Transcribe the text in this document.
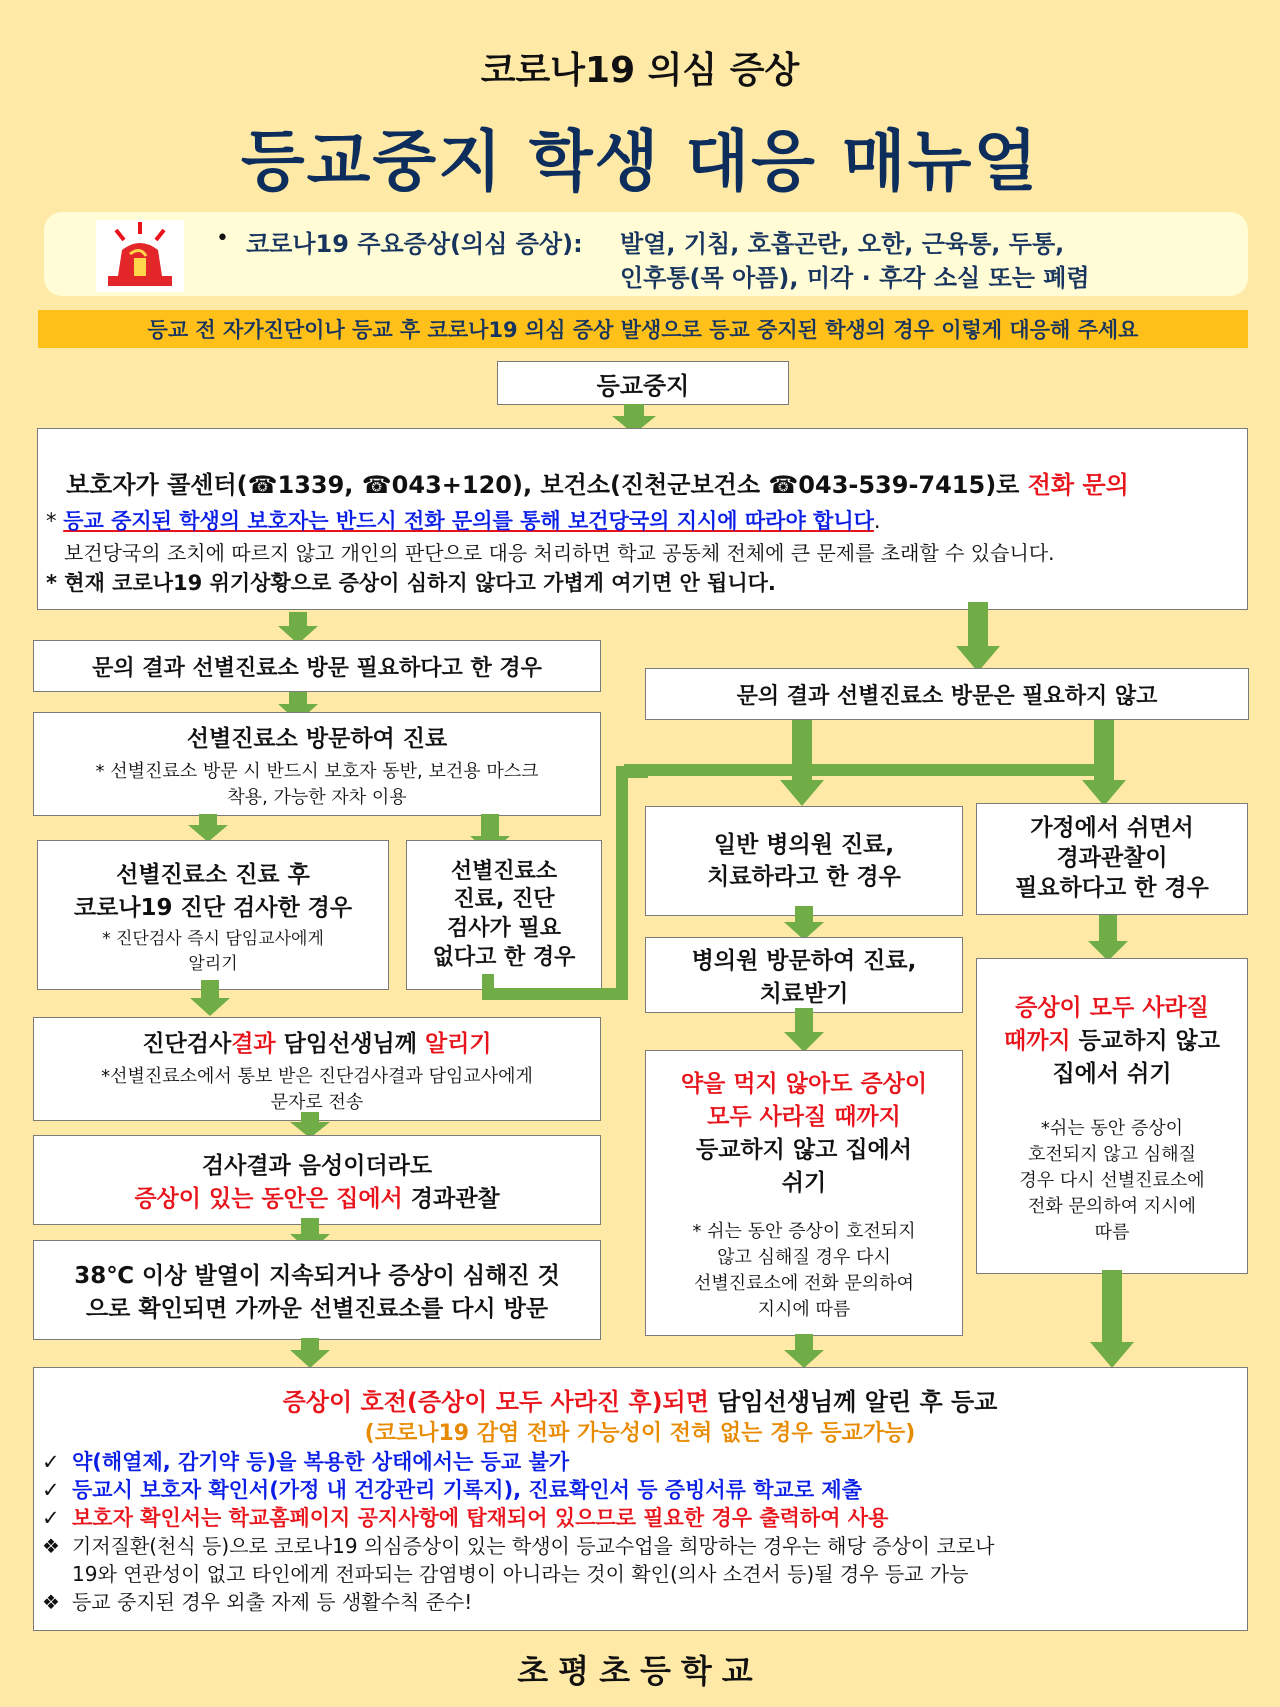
코로나19 의심 증상
등교중지 학생 대응 매뉴얼
• 코로나19 주요증상(의심 증상): 발열, 기침, 호흡곤란, 오한, 근육통, 두통,
인후통(목 아픔), 미각 · 후각 소실 또는 폐렴
등교 전 자가진단이나 등교 후 코로나19 의심 증상 발생으로 등교 중지된 학생의 경우 이렇게 대응해 주세요
등교중지
보호자가 콜센터(☎1339, ☎043+120), 보건소(진천군보건소 ☎043-539-7415)로 전화 문의
* 등교 중지된 학생의 보호자는 반드시 전화 문의를 통해 보건당국의 지시에 따라야 합니다.
보건당국의 조치에 따르지 않고 개인의 판단으로 대응 처리하면 학교 공동체 전체에 큰 문제를 초래할 수 있습니다.
* 현재 코로나19 위기상황으로 증상이 심하지 않다고 가볍게 여기면 안 됩니다.
문의 결과 선별진료소 방문 필요하다고 한 경우
선별진료소 방문하여 진료
* 선별진료소 방문 시 반드시 보호자 동반, 보건용 마스크
착용, 가능한 자차 이용
선별진료소 진료 후
코로나19 진단 검사한 경우
* 진단검사 즉시 담임교사에게
알리기
선별진료소
진료, 진단
검사가 필요
없다고 한 경우
진단검사결과 담임선생님께 알리기
*선별진료소에서 통보 받은 진단검사결과 담임교사에게
문자로 전송
검사결과 음성이더라도
증상이 있는 동안은 집에서 경과관찰
38℃ 이상 발열이 지속되거나 증상이 심해진 것
으로 확인되면 가까운 선별진료소를 다시 방문
문의 결과 선별진료소 방문은 필요하지 않고
일반 병의원 진료,
치료하라고 한 경우
가정에서 쉬면서
경과관찰이
필요하다고 한 경우
병의원 방문하여 진료,
치료받기
약을 먹지 않아도 증상이
모두 사라질 때까지
등교하지 않고 집에서
쉬기
* 쉬는 동안 증상이 호전되지
않고 심해질 경우 다시
선별진료소에 전화 문의하여
지시에 따름
증상이 모두 사라질
때까지 등교하지 않고
집에서 쉬기
*쉬는 동안 증상이
호전되지 않고 심해질
경우 다시 선별진료소에
전화 문의하여 지시에
따름
증상이 호전(증상이 모두 사라진 후)되면 담임선생님께 알린 후 등교
(코로나19 감염 전파 가능성이 전혀 없는 경우 등교가능)
✓ 약(해열제, 감기약 등)을 복용한 상태에서는 등교 불가
✓ 등교시 보호자 확인서(가정 내 건강관리 기록지), 진료확인서 등 증빙서류 학교로 제출
✓ 보호자 확인서는 학교홈페이지 공지사항에 탑재되어 있으므로 필요한 경우 출력하여 사용
❖ 기저질환(천식 등)으로 코로나19 의심증상이 있는 학생이 등교수업을 희망하는 경우는 해당 증상이 코로나
19와 연관성이 없고 타인에게 전파되는 감염병이 아니라는 것이 확인(의사 소견서 등)될 경우 등교 가능
❖ 등교 중지된 경우 외출 자제 등 생활수칙 준수!
초평초등학교
